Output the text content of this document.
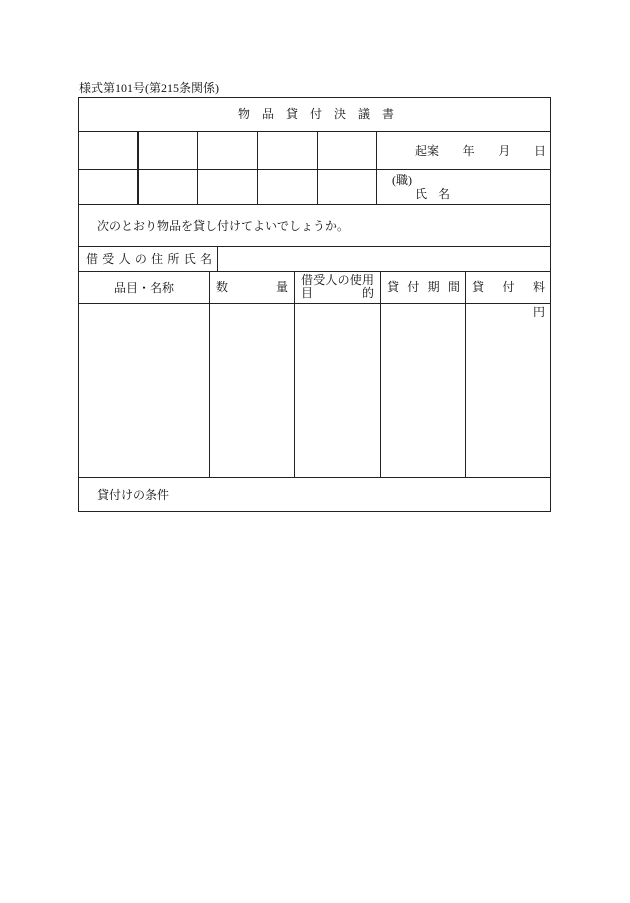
様式第101号(第215条関係)
物 品 貸 付 決 議 書
起案 年 月 日
(職)
氏 名
次のとおり物品を貸し付けてよいでしょうか。
借 受 人 の 住 所 氏 名
品目・名称	数 量 借受人の使用
目 的 貸 付 期 間 貸 付 料
円
貸付けの条件
